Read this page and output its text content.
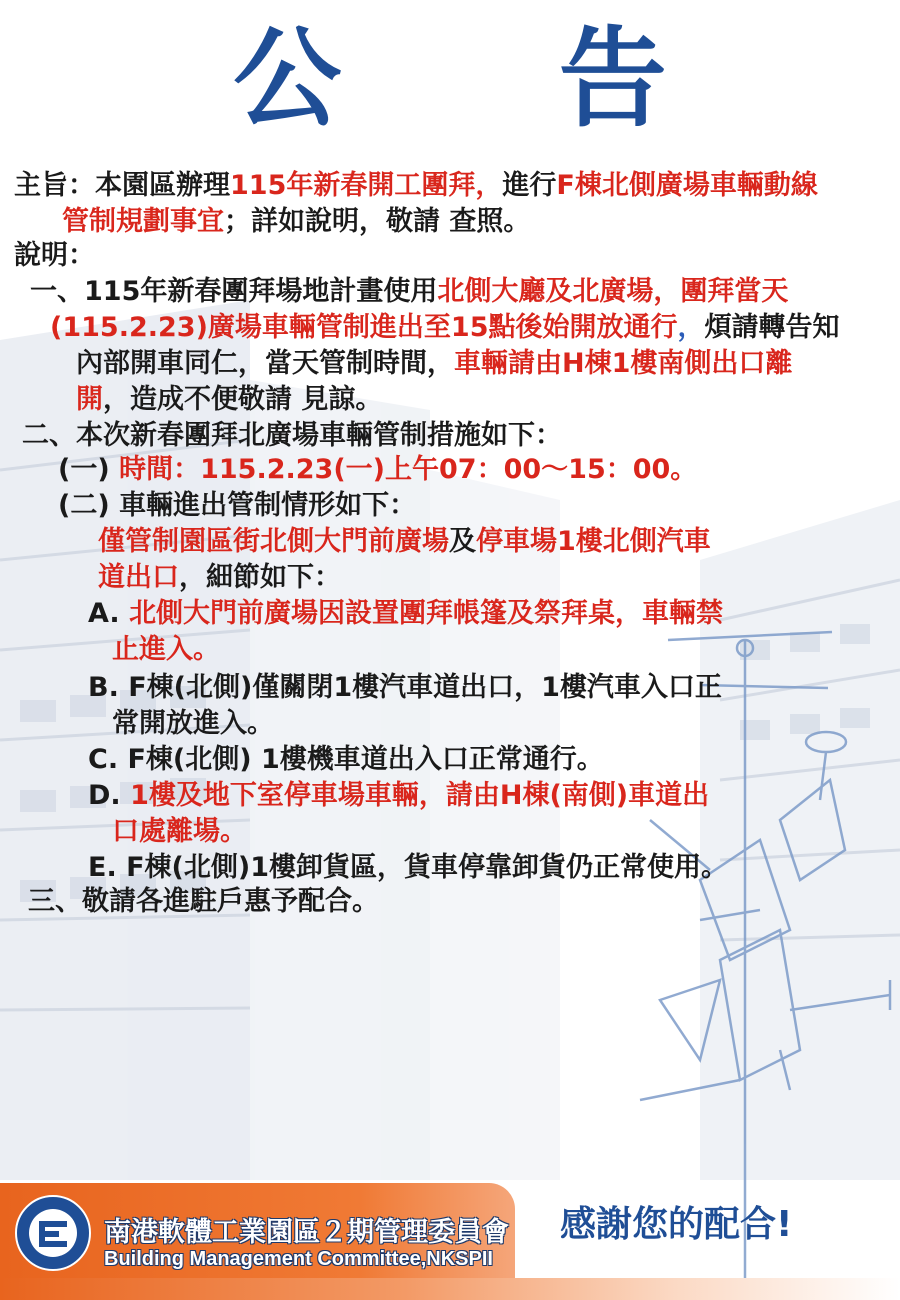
公 告
主旨：本園區辦理115年新春開工團拜，進行F棟北側廣場車輛動線
管制規劃事宜；詳如說明，敬請 查照。
說明：
一、115年新春團拜場地計畫使用北側大廳及北廣場，團拜當天
(115.2.23)廣場車輛管制進出至15點後始開放通行，煩請轉告知
內部開車同仁，當天管制時間，車輛請由H棟1樓南側出口離
開，造成不便敬請 見諒。
二、本次新春團拜北廣場車輛管制措施如下：
(一) 時間：115.2.23(一)上午07：00～15：00。
(二) 車輛進出管制情形如下：
僅管制園區街北側大門前廣場及停車場1樓北側汽車
道出口，細節如下：
A. 北側大門前廣場因設置團拜帳篷及祭拜桌，車輛禁
止進入。
B. F棟(北側)僅關閉1樓汽車道出口，1樓汽車入口正
常開放進入。
C. F棟(北側) 1樓機車道出入口正常通行。
D. 1樓及地下室停車場車輛，請由H棟(南側)車道出
口處離場。
E. F棟(北側)1樓卸貨區，貨車停靠卸貨仍正常使用。
三、敬請各進駐戶惠予配合。
南港軟體工業園區２期管理委員會
Building Management Committee,NKSPII
感謝您的配合!
